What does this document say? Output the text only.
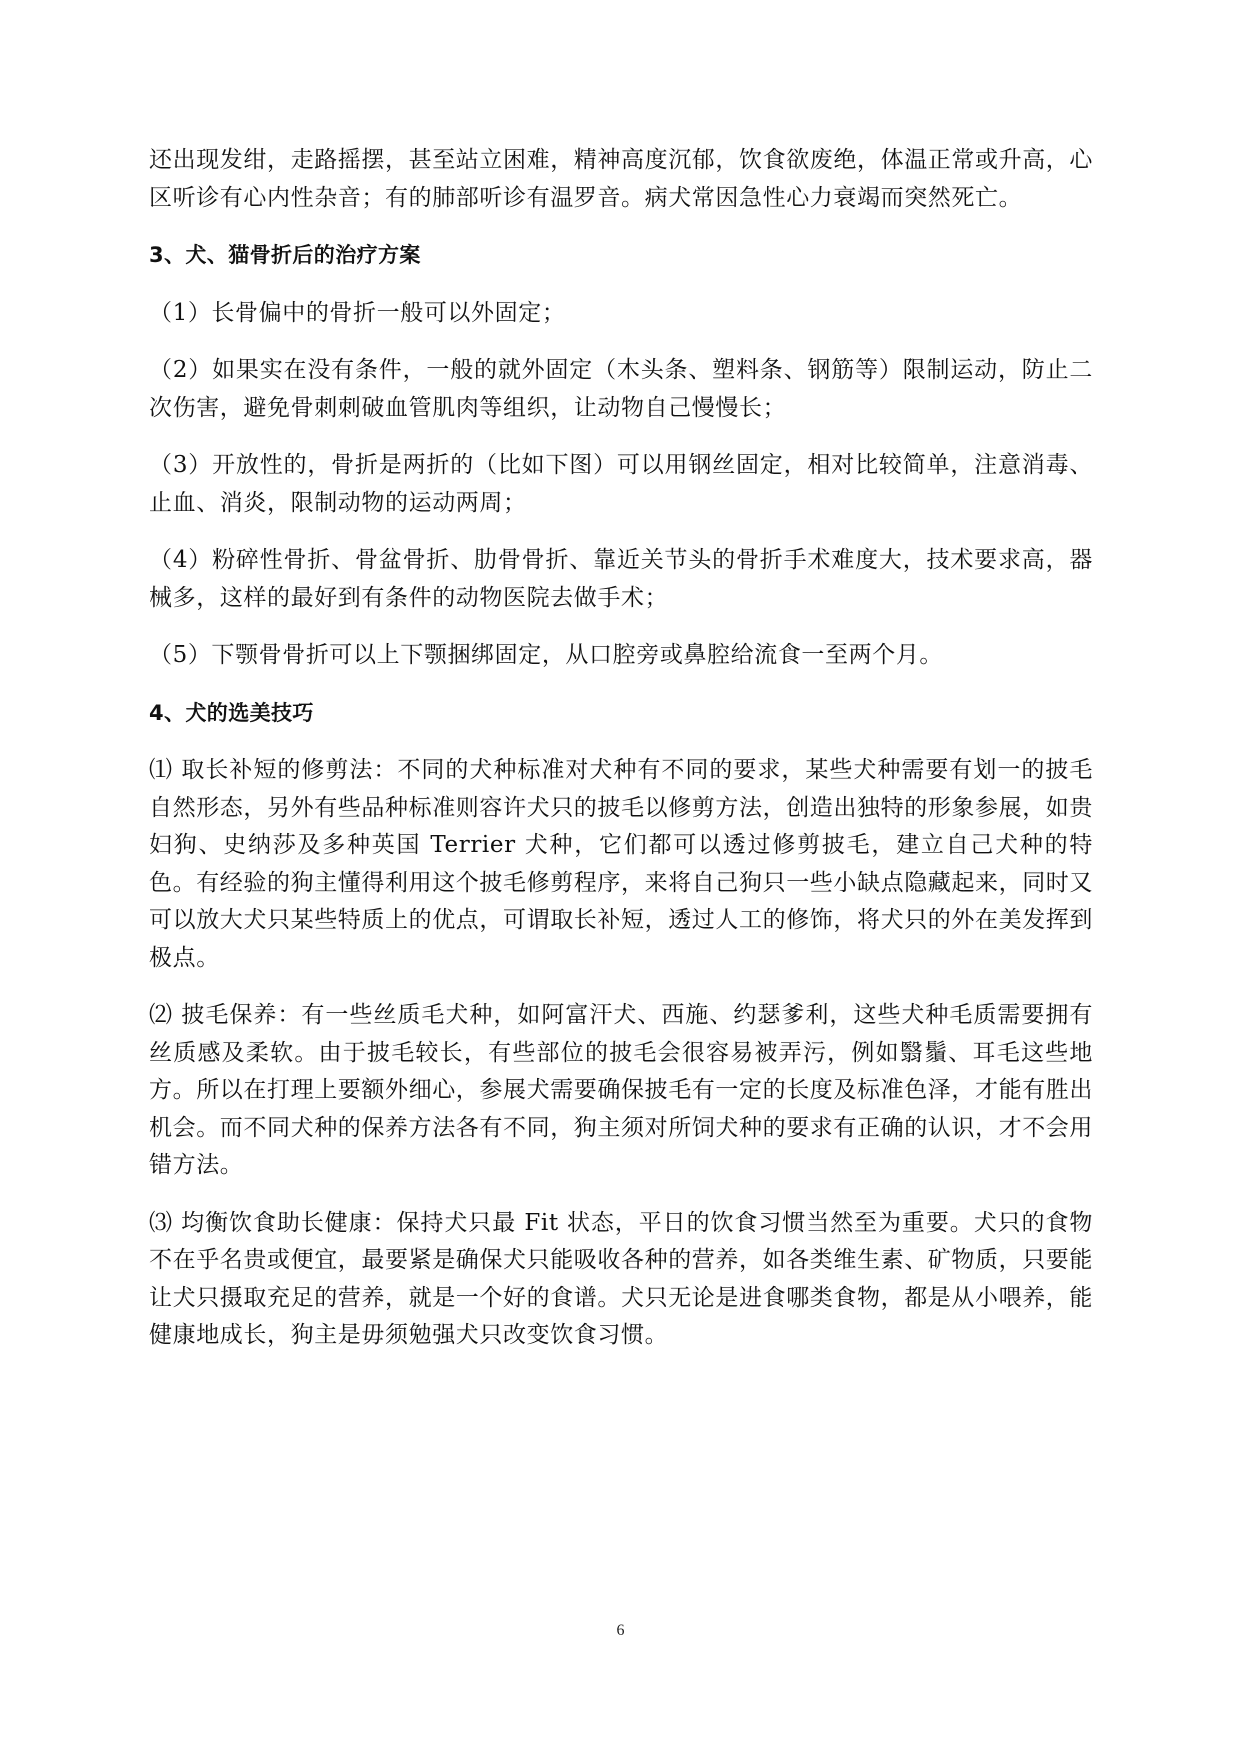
还出现发绀，走路摇摆，甚至站立困难，精神高度沉郁，饮食欲废绝，体温正常或升高，心区听诊有心内性杂音；有的肺部听诊有温罗音。病犬常因急性心力衰竭而突然死亡。

3、犬、猫骨折后的治疗方案

（1）长骨偏中的骨折一般可以外固定；

（2）如果实在没有条件，一般的就外固定（木头条、塑料条、钢筋等）限制运动，防止二次伤害，避免骨刺刺破血管肌肉等组织，让动物自己慢慢长；

（3）开放性的，骨折是两折的（比如下图）可以用钢丝固定，相对比较简单，注意消毒、止血、消炎，限制动物的运动两周；

（4）粉碎性骨折、骨盆骨折、肋骨骨折、靠近关节头的骨折手术难度大，技术要求高，器械多，这样的最好到有条件的动物医院去做手术；

（5）下颚骨骨折可以上下颚捆绑固定，从口腔旁或鼻腔给流食一至两个月。

4、犬的选美技巧

⑴ 取长补短的修剪法：不同的犬种标准对犬种有不同的要求，某些犬种需要有划一的披毛自然形态，另外有些品种标准则容许犬只的披毛以修剪方法，创造出独特的形象参展，如贵妇狗、史纳莎及多种英国 Terrier 犬种，它们都可以透过修剪披毛，建立自己犬种的特色。有经验的狗主懂得利用这个披毛修剪程序，来将自己狗只一些小缺点隐藏起来，同时又可以放大犬只某些特质上的优点，可谓取长补短，透过人工的修饰，将犬只的外在美发挥到极点。

⑵ 披毛保养：有一些丝质毛犬种，如阿富汗犬、西施、约瑟爹利，这些犬种毛质需要拥有丝质感及柔软。由于披毛较长，有些部位的披毛会很容易被弄污，例如翳鬚、耳毛这些地方。所以在打理上要额外细心，参展犬需要确保披毛有一定的长度及标准色泽，才能有胜出机会。而不同犬种的保养方法各有不同，狗主须对所饲犬种的要求有正确的认识，才不会用错方法。

⑶ 均衡饮食助长健康：保持犬只最 Fit 状态，平日的饮食习惯当然至为重要。犬只的食物不在乎名贵或便宜，最要紧是确保犬只能吸收各种的营养，如各类维生素、矿物质，只要能让犬只摄取充足的营养，就是一个好的食谱。犬只无论是进食哪类食物，都是从小喂养，能健康地成长，狗主是毋须勉强犬只改变饮食习惯。

6
